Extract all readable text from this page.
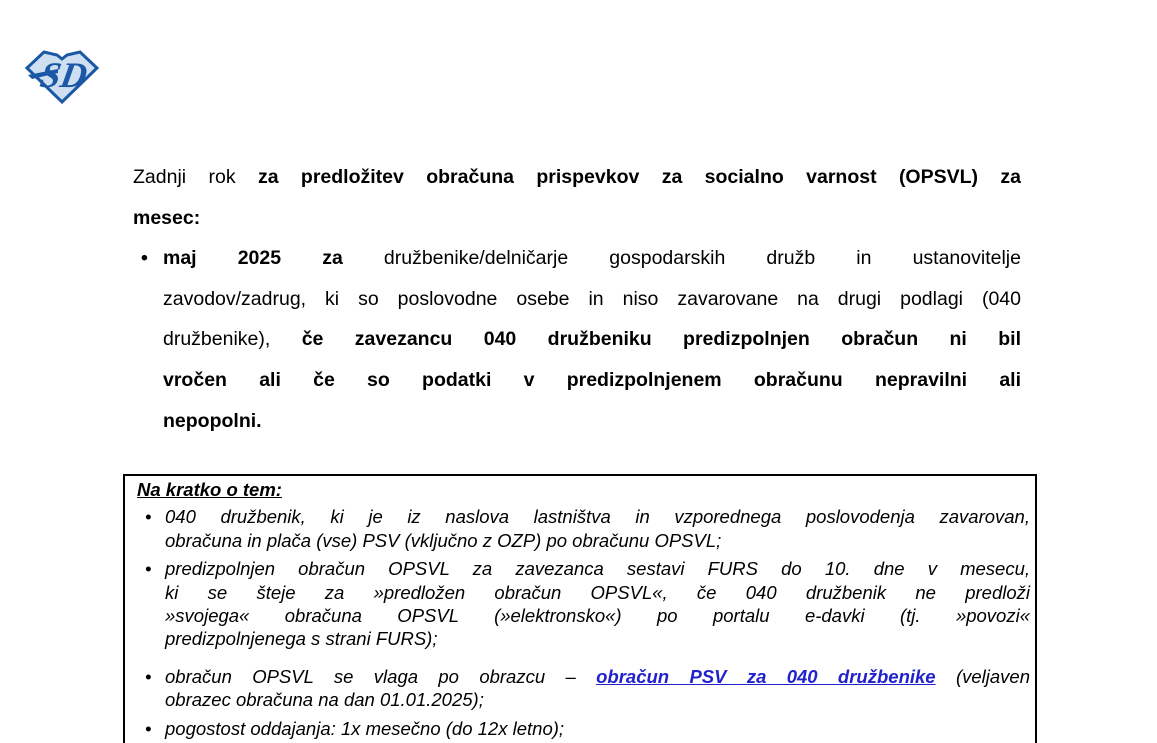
SD
Zadnji rok za predložitev obračuna prispevkov za socialno varnost (OPSVL) za
mesec:
• maj 2025 za družbenike/delničarje gospodarskih družb in ustanovitelje
zavodov/zadrug, ki so poslovodne osebe in niso zavarovane na drugi podlagi (040
družbenike), če zavezancu 040 družbeniku predizpolnjen obračun ni bil
vročen ali če so podatki v predizpolnjenem obračunu nepravilni ali
nepopolni.

Na kratko o tem:

• 040 družbenik, ki je iz naslova lastništva in vzporednega poslovodenja zavarovan,
obračuna in plača (vse) PSV (vključno z OZP) po obračunu OPSVL;
• predizpolnjen obračun OPSVL za zavezanca sestavi FURS do 10. dne v mesecu,
ki se šteje za »predložen obračun OPSVL«, če 040 družbenik ne predloži
»svojega« obračuna OPSVL (»elektronsko«) po portalu e-davki (tj. »povozi«
predizpolnjenega s strani FURS);
• obračun OPSVL se vlaga po obrazcu – obračun PSV za 040 družbenike (veljaven
obrazec obračuna na dan 01.01.2025);
• pogostost oddajanja: 1x mesečno (do 12x letno);
